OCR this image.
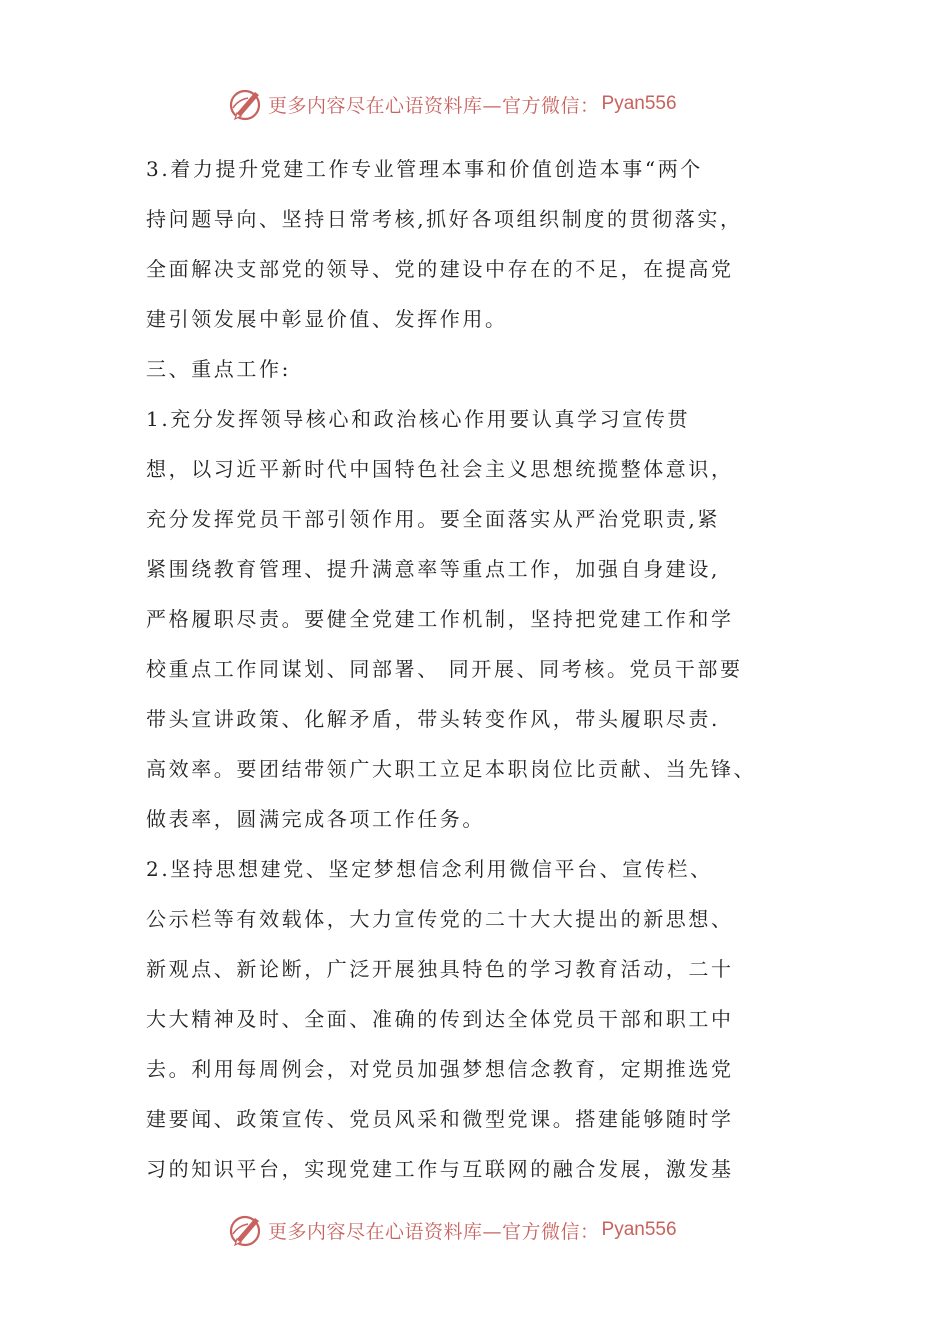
更多内容尽在心语资料库—官方微信： Pyan556

3.着力提升党建工作专业管理本事和价值创造本事“两个

持问题导向、坚持日常考核,抓好各项组织制度的贯彻落实，

全面解决支部党的领导、党的建设中存在的不足，在提高党

建引领发展中彰显价值、发挥作用。

三、重点工作:

1.充分发挥领导核心和政治核心作用要认真学习宣传贯

想，以习近平新时代中国特色社会主义思想统揽整体意识，

充分发挥党员干部引领作用。要全面落实从严治党职责,紧

紧围绕教育管理、提升满意率等重点工作，加强自身建设,

严格履职尽责。要健全党建工作机制，坚持把党建工作和学

校重点工作同谋划、同部署、 同开展、同考核。党员干部要

带头宣讲政策、化解矛盾，带头转变作风，带头履职尽责.

高效率。要团结带领广大职工立足本职岗位比贡献、当先锋、

做表率，圆满完成各项工作任务。

2.坚持思想建党、坚定梦想信念利用微信平台、宣传栏、

公示栏等有效载体，大力宣传党的二十大大提出的新思想、

新观点、新论断，广泛开展独具特色的学习教育活动，二十

大大精神及时、全面、准确的传到达全体党员干部和职工中

去。利用每周例会，对党员加强梦想信念教育，定期推选党

建要闻、政策宣传、党员风采和微型党课。搭建能够随时学

习的知识平台，实现党建工作与互联网的融合发展，激发基

更多内容尽在心语资料库—官方微信： Pyan556
